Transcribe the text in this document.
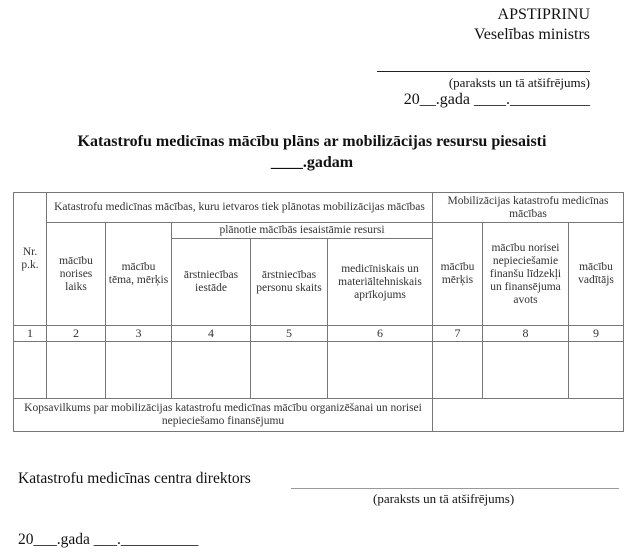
APSTIPRINU
Veselības ministrs
(paraksts un tā atšifrējums)
20__.gada ____.__________
Katastrofu medicīnas mācību plāns ar mobilizācijas resursu piesaisti
____.gadam
Nr. p.k.	Katastrofu medicīnas mācības, kuru ietvaros tiek plānotas mobilizācijas mācības					Mobilizācijas katastrofu medicīnas mācības		
	mācību norises laiks	mācību tēma, mērķis	plānotie mācībās iesaistāmie resursi			mācību mērķis	mācību norisei nepieciešamie finanšu līdzekļi un finansējuma avots	mācību vadītājs
			ārstniecības iestāde	ārstniecības personu skaits	medicīniskais un materiāltehniskais aprīkojums			
1	2	3	4	5	6	7	8	9

Kopsavilkums par mobilizācijas katastrofu medicīnas mācību organizēšanai un norisei nepieciešamo finansējumu								
Katastrofu medicīnas centra direktors
(paraksts un tā atšifrējums)
20___.gada ___.__________
